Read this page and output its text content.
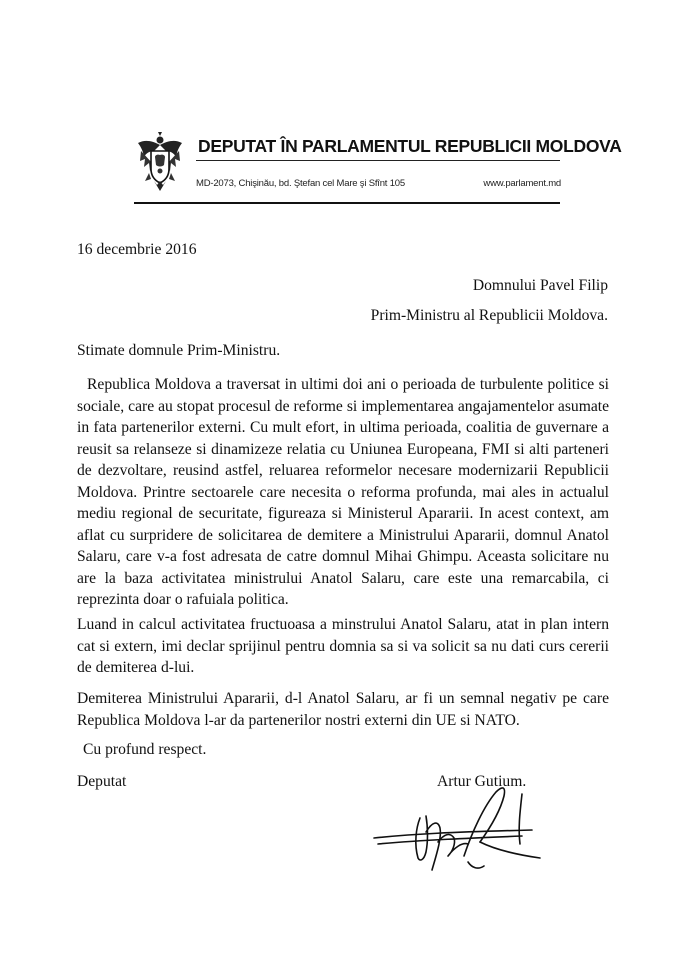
DEPUTAT ÎN PARLAMENTUL REPUBLICII MOLDOVA
MD-2073, Chişinău, bd. Ştefan cel Mare şi Sfînt 105	www.parlament.md
16 decembrie 2016
Domnului Pavel Filip
Prim-Ministru al Republicii Moldova.
Stimate domnule Prim-Ministru.
Republica Moldova a traversat in ultimi doi ani o perioada de turbulente politice si sociale, care au stopat procesul de reforme si implementarea angajamentelor asumate in fata partenerilor externi. Cu mult efort, in ultima perioada, coalitia de guvernare a reusit sa relanseze si dinamizeze relatia cu Uniunea Europeana, FMI si alti parteneri de dezvoltare, reusind astfel, reluarea reformelor necesare modernizarii Republicii Moldova. Printre sectoarele care necesita o reforma profunda, mai ales in actualul mediu regional de securitate, figureaza si Ministerul Apararii. In acest context, am aflat cu surpridere de solicitarea de demitere a Ministrului Apararii, domnul Anatol Salaru, care v-a fost adresata de catre domnul Mihai Ghimpu. Aceasta solicitare nu are la baza activitatea ministrului Anatol Salaru, care este una remarcabila, ci reprezinta doar o rafuiala politica.
Luand in calcul activitatea fructuoasa a minstrului Anatol Salaru, atat in plan intern cat si extern, imi declar sprijinul pentru domnia sa si va solicit sa nu dati curs cererii de demiterea d-lui.
Demiterea Ministrului Apararii, d-l Anatol Salaru, ar fi un semnal negativ pe care Republica Moldova l-ar da partenerilor nostri externi din UE si NATO.
Cu profund respect.
Deputat	Artur Gutium.
